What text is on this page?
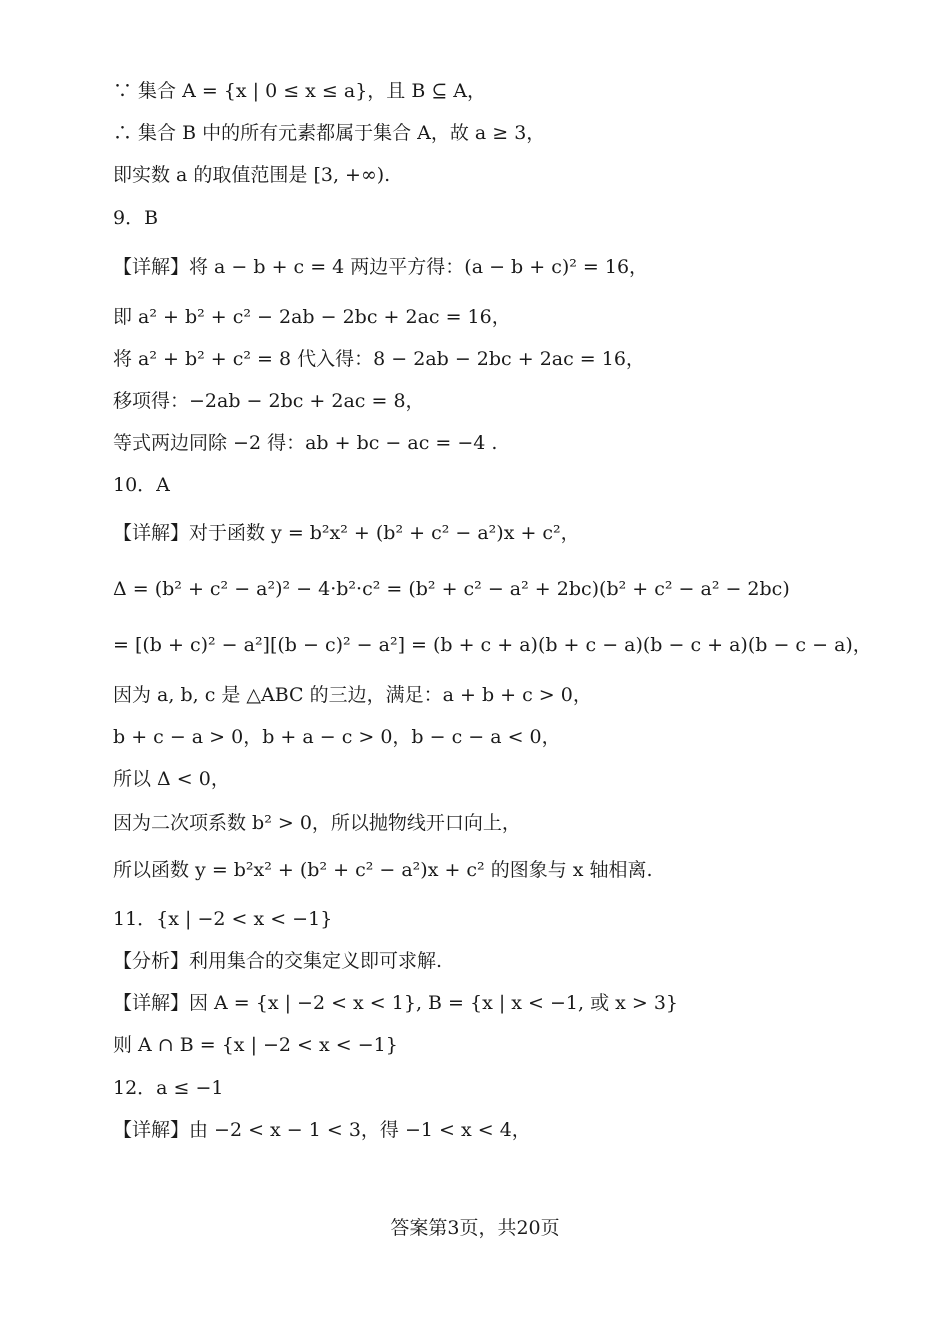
∵ 集合 A = {x | 0 ≤ x ≤ a}，且 B ⊆ A，
∴ 集合 B 中的所有元素都属于集合 A，故 a ≥ 3，
即实数 a 的取值范围是 [3, +∞).
9．B
【详解】将 a − b + c = 4 两边平方得：(a − b + c)² = 16，
即 a² + b² + c² − 2ab − 2bc + 2ac = 16，
将 a² + b² + c² = 8 代入得：8 − 2ab − 2bc + 2ac = 16，
移项得：−2ab − 2bc + 2ac = 8，
等式两边同除 −2 得：ab + bc − ac = −4 .
10．A
【详解】对于函数 y = b²x² + (b² + c² − a²)x + c²，
Δ = (b² + c² − a²)² − 4·b²·c² = (b² + c² − a² + 2bc)(b² + c² − a² − 2bc)
= [(b + c)² − a²][(b − c)² − a²] = (b + c + a)(b + c − a)(b − c + a)(b − c − a)，
因为 a, b, c 是 △ABC 的三边，满足：a + b + c > 0，
b + c − a > 0，b + a − c > 0，b − c − a < 0，
所以 Δ < 0，
因为二次项系数 b² > 0，所以抛物线开口向上，
所以函数 y = b²x² + (b² + c² − a²)x + c² 的图象与 x 轴相离.
11．{x | −2 < x < −1}
【分析】利用集合的交集定义即可求解.
【详解】因 A = {x | −2 < x < 1}, B = {x | x < −1, 或 x > 3}
则 A ∩ B = {x | −2 < x < −1}
12．a ≤ −1
【详解】由 −2 < x − 1 < 3，得 −1 < x < 4，
答案第3页，共20页
